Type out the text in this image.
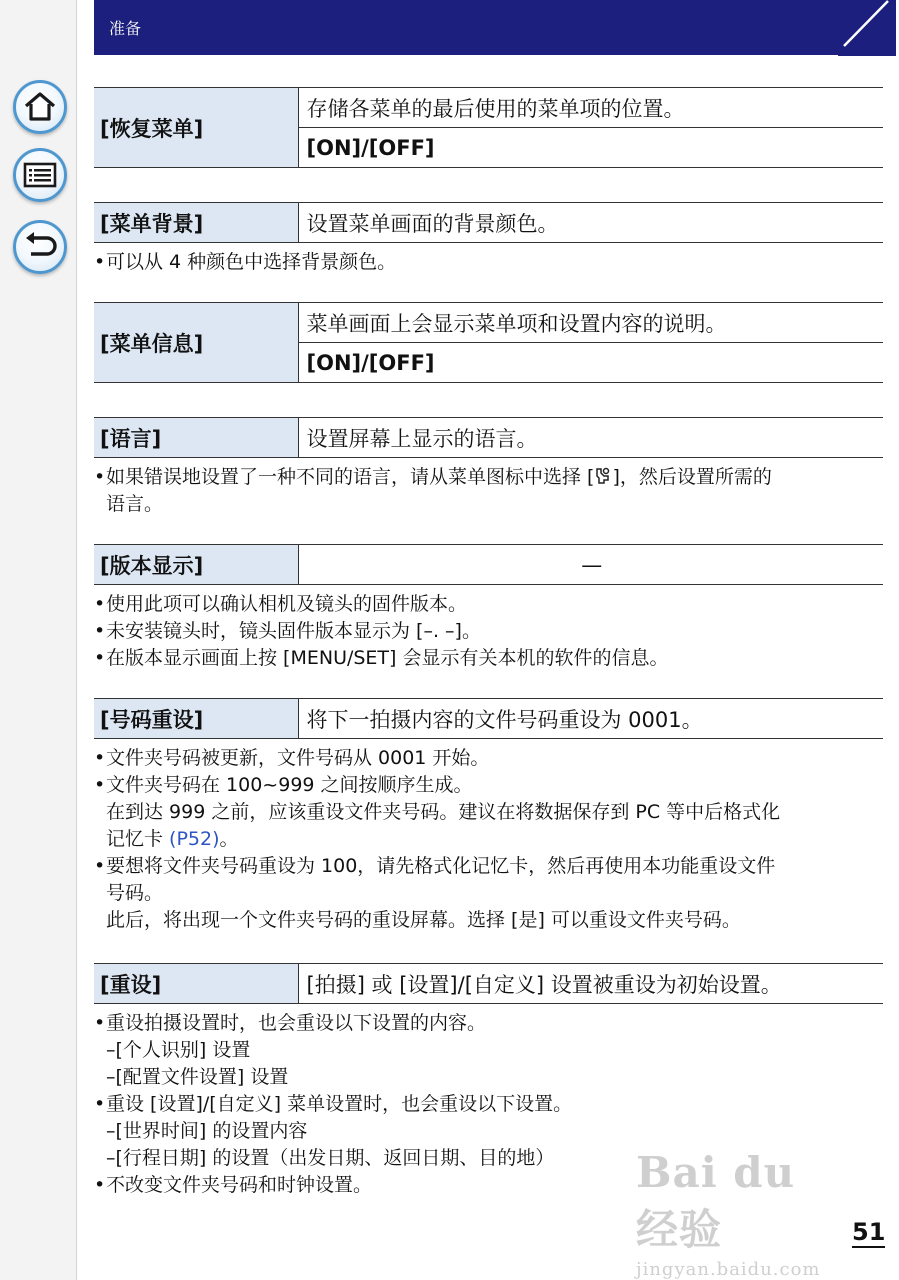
准备
[恢复菜单]	存储各菜单的最后使用的菜单项的位置。
[ON]/[OFF]
[菜单背景]	设置菜单画面的背景颜色。
• 可以从 4 种颜色中选择背景颜色。
[菜单信息]	菜单画面上会显示菜单项和设置内容的说明。
[ON]/[OFF]
[语言]	设置屏幕上显示的语言。
• 如果错误地设置了一种不同的语言，请从菜单图标中选择 [ ]，然后设置所需的
语言。
[版本显示]	—
• 使用此项可以确认相机及镜头的固件版本。
• 未安装镜头时，镜头固件版本显示为 [–. –]。
• 在版本显示画面上按 [MENU/SET] 会显示有关本机的软件的信息。
[号码重设]	将下一拍摄内容的文件号码重设为 0001。
• 文件夹号码被更新，文件号码从 0001 开始。
• 文件夹号码在 100~999 之间按顺序生成。
在到达 999 之前，应该重设文件夹号码。建议在将数据保存到 PC 等中后格式化
记忆卡 (P52)。
• 要想将文件夹号码重设为 100，请先格式化记忆卡，然后再使用本功能重设文件
号码。
此后，将出现一个文件夹号码的重设屏幕。选择 [是] 可以重设文件夹号码。
[重设]	[拍摄] 或 [设置]/[自定义] 设置被重设为初始设置。
• 重设拍摄设置时，也会重设以下设置的内容。
–[个人识别] 设置
–[配置文件设置] 设置
• 重设 [设置]/[自定义] 菜单设置时，也会重设以下设置。
–[世界时间] 的设置内容
–[行程日期] 的设置（出发日期、返回日期、目的地）
• 不改变文件夹号码和时钟设置。	Bai du 经验
jingyan.baidu.com
51
